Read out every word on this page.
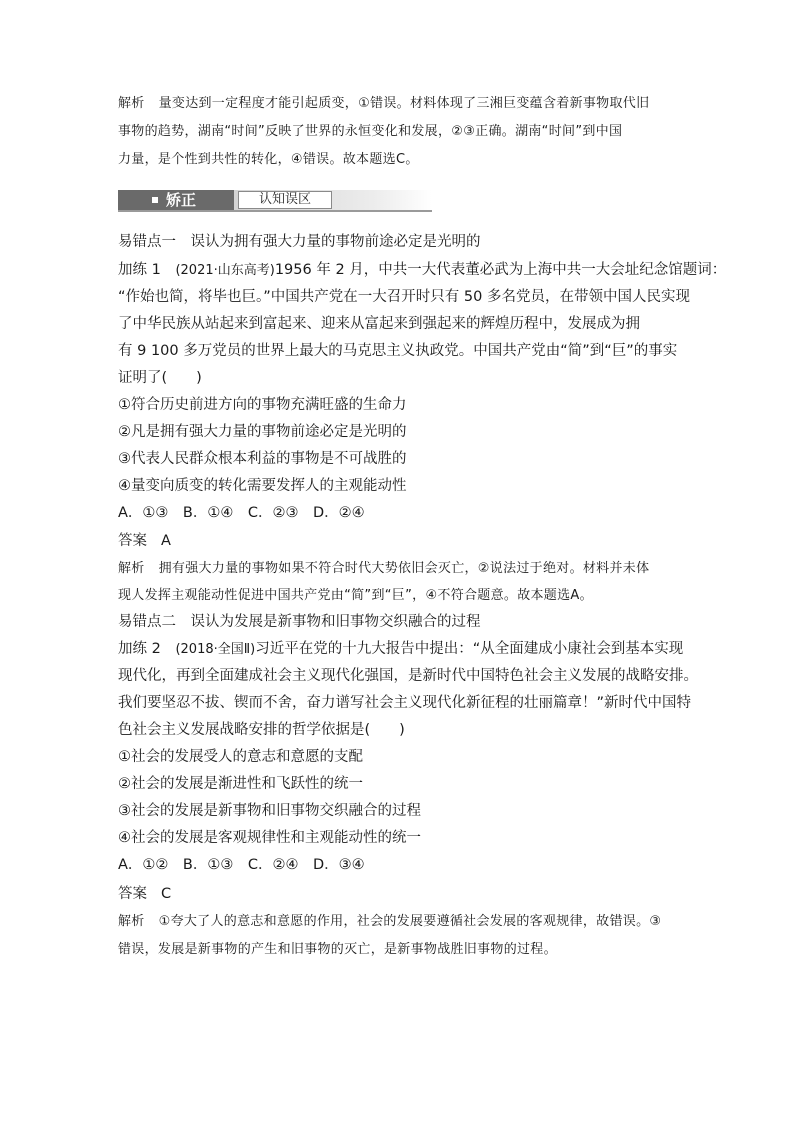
解析 量变达到一定程度才能引起质变，①错误。材料体现了三湘巨变蕴含着新事物取代旧
事物的趋势，湖南“时间”反映了世界的永恒变化和发展，②③正确。湖南“时间”到中国
力量，是个性到共性的转化，④错误。故本题选C。
矫正	认知误区
易错点一　误认为拥有强大力量的事物前途必定是光明的
加练 1 (2021·山东高考)1956 年 2 月，中共一大代表董必武为上海中共一大会址纪念馆题词：
“作始也简，将毕也巨。”中国共产党在一大召开时只有 50 多名党员，在带领中国人民实现
了中华民族从站起来到富起来、迎来从富起来到强起来的辉煌历程中，发展成为拥
有 9 100 多万党员的世界上最大的马克思主义执政党。中国共产党由“简”到“巨”的事实
证明了(　　)
①符合历史前进方向的事物充满旺盛的生命力
②凡是拥有强大力量的事物前途必定是光明的
③代表人民群众根本利益的事物是不可战胜的
④量变向质变的转化需要发挥人的主观能动性
A．①③　B．①④　C．②③　D．②④
答案 A
解析 拥有强大力量的事物如果不符合时代大势依旧会灭亡，②说法过于绝对。材料并未体
现人发挥主观能动性促进中国共产党由“简”到“巨”，④不符合题意。故本题选A。
易错点二　误认为发展是新事物和旧事物交织融合的过程
加练 2 (2018·全国Ⅱ)习近平在党的十九大报告中提出：“从全面建成小康社会到基本实现
现代化，再到全面建成社会主义现代化强国，是新时代中国特色社会主义发展的战略安排。
我们要坚忍不拔、锲而不舍，奋力谱写社会主义现代化新征程的壮丽篇章！”新时代中国特
色社会主义发展战略安排的哲学依据是(　　)
①社会的发展受人的意志和意愿的支配
②社会的发展是渐进性和飞跃性的统一
③社会的发展是新事物和旧事物交织融合的过程
④社会的发展是客观规律性和主观能动性的统一
A．①②　B．①③　C．②④　D．③④
答案 C
解析 ①夸大了人的意志和意愿的作用，社会的发展要遵循社会发展的客观规律，故错误。③
错误，发展是新事物的产生和旧事物的灭亡，是新事物战胜旧事物的过程。
